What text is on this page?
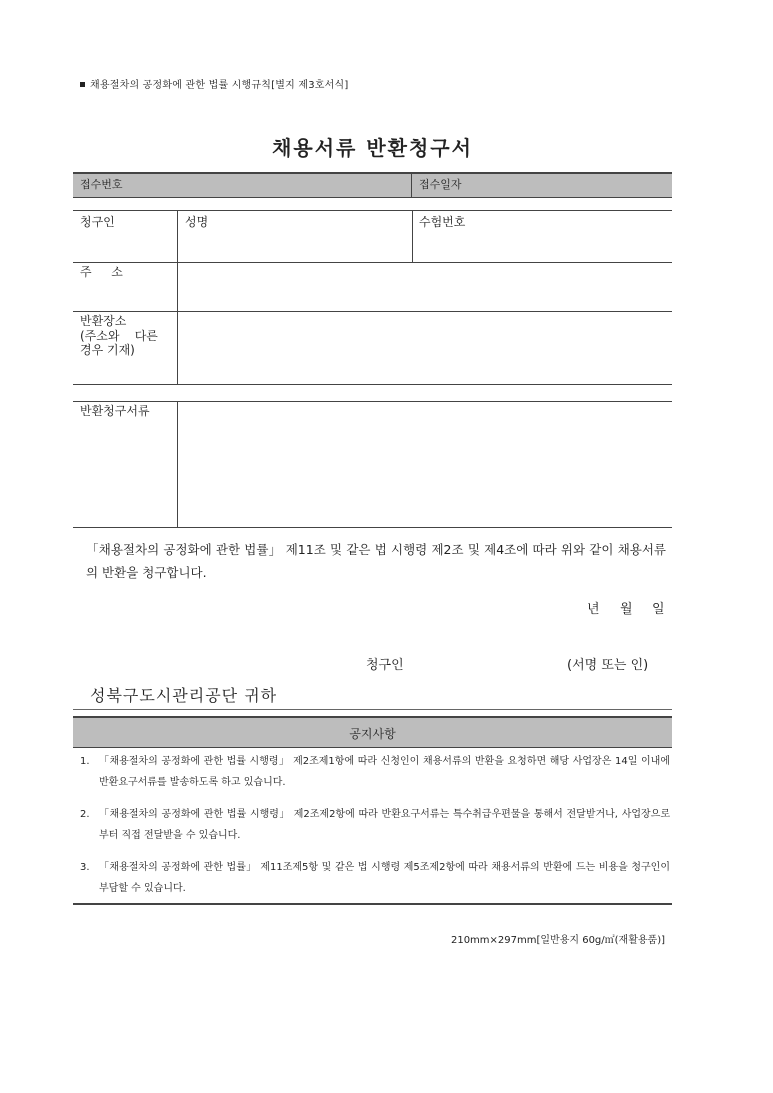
채용절차의 공정화에 관한 법률 시행규칙[별지 제3호서식]
채용서류 반환청구서
접수번호	접수일자
청구인	성명	수험번호
주  소
반환장소
(주소와    다른
경우 기재)
반환청구서류
「채용절차의 공정화에 관한 법률」 제11조 및 같은 법 시행령 제2조 및 제4조에 따라 위와 같이 채용서류의 반환을 청구합니다.
년 월 일
청구인	(서명 또는 인)
성북구도시관리공단 귀하
공지사항
1. 「채용절차의 공정화에 관한 법률 시행령」 제2조제1항에 따라 신청인이 채용서류의 반환을 요청하면 해당 사업장은 14일 이내에 반환요구서류를 발송하도록 하고 있습니다.
2. 「채용절차의 공정화에 관한 법률 시행령」 제2조제2항에 따라 반환요구서류는 특수취급우편물을 통해서 전달받거나, 사업장으로부터 직접 전달받을 수 있습니다.
3. 「채용절차의 공정화에 관한 법률」 제11조제5항 및 같은 법 시행령 제5조제2항에 따라 채용서류의 반환에 드는 비용을 청구인이 부담할 수 있습니다.
210mm×297mm[일반용지 60g/㎡(재활용품)]
